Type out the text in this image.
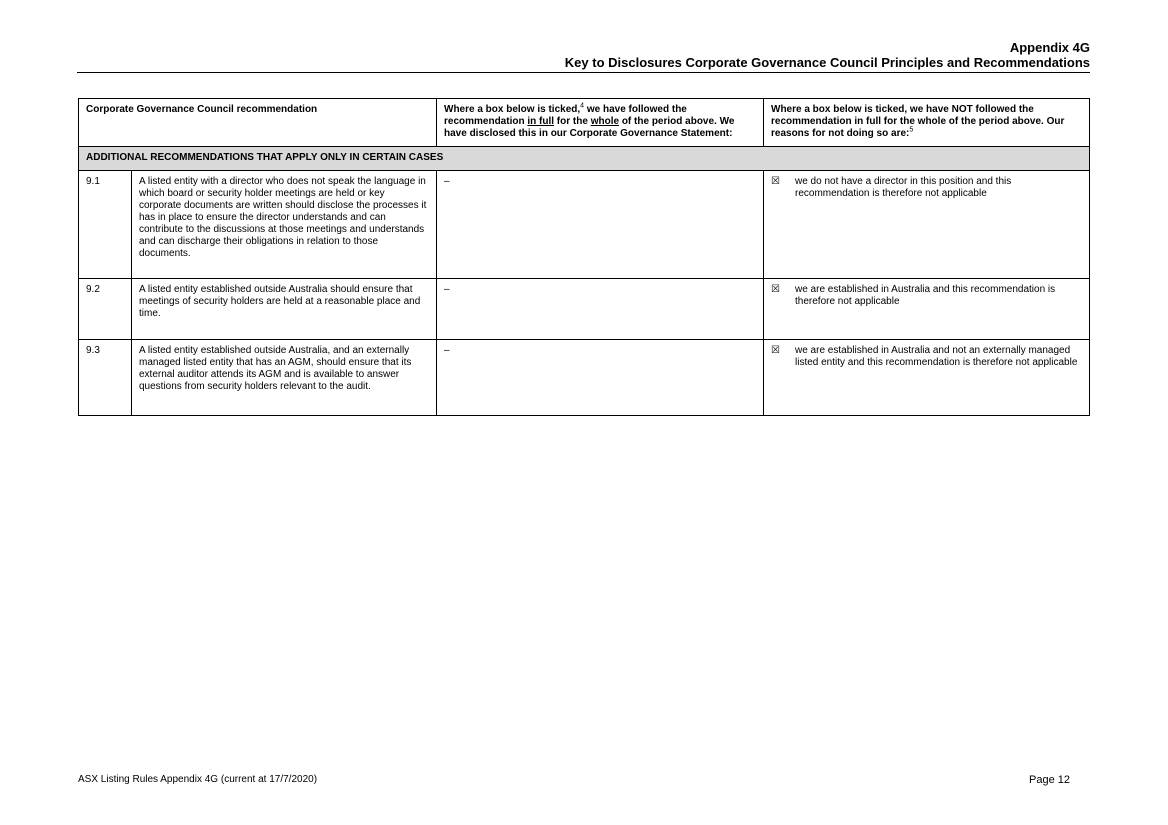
Appendix 4G
Key to Disclosures Corporate Governance Council Principles and Recommendations
Corporate Governance Council recommendation		Where a box below is ticked,$^4$ we have followed the recommendation in full for the whole of the period above. We have disclosed this in our Corporate Governance Statement:	Where a box below is ticked, we have NOT followed the recommendation in full for the whole of the period above. Our reasons for not doing so are:$^5$
ADDITIONAL RECOMMENDATIONS THAT APPLY ONLY IN CERTAIN CASES			
9.1	A listed entity with a director who does not speak the language in which board or security holder meetings are held or key corporate documents are written should disclose the processes it has in place to ensure the director understands and can contribute to the discussions at those meetings and understands and can discharge their obligations in relation to those documents.	–	☒ we do not have a director in this position and this recommendation is therefore not applicable

9.2	A listed entity established outside Australia should ensure that meetings of security holders are held at a reasonable place and time.	–	☒ we are established in Australia and this recommendation is therefore not applicable

9.3	A listed entity established outside Australia, and an externally managed listed entity that has an AGM, should ensure that its external auditor attends its AGM and is available to answer questions from security holders relevant to the audit.	–	☒ we are established in Australia and not an externally managed listed entity and this recommendation is therefore not applicable
ASX Listing Rules Appendix 4G (current at 17/7/2020)	Page 12
